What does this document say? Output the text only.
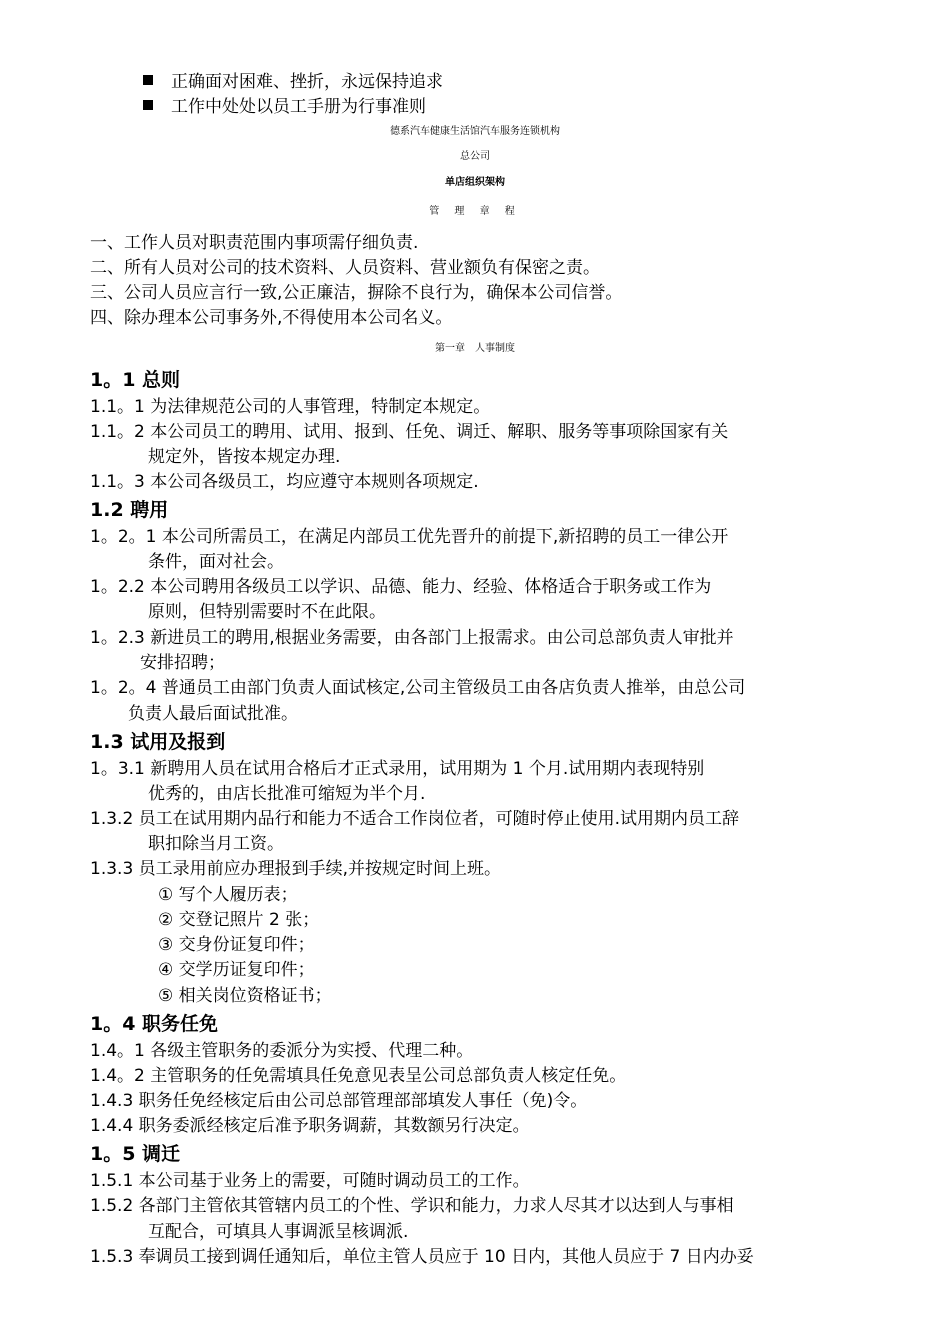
正确面对困难、挫折，永远保持追求
工作中处处以员工手册为行事准则
德系汽车健康生活馆汽车服务连锁机构
总公司
单店组织架构
管 理 章 程
一、工作人员对职责范围内事项需仔细负责.
二、所有人员对公司的技术资料、人员资料、营业额负有保密之责。
三、公司人员应言行一致,公正廉洁，摒除不良行为，确保本公司信誉。
四、除办理本公司事务外,不得使用本公司名义。
第一章　人事制度
1。1 总则
1.1。1 为法律规范公司的人事管理，特制定本规定。
1.1。2 本公司员工的聘用、试用、报到、任免、调迁、解职、服务等事项除国家有关
规定外，皆按本规定办理.
1.1。3 本公司各级员工，均应遵守本规则各项规定.
1.2 聘用
1。2。1 本公司所需员工，在满足内部员工优先晋升的前提下,新招聘的员工一律公开
条件，面对社会。
1。2.2 本公司聘用各级员工以学识、品德、能力、经验、体格适合于职务或工作为
原则，但特别需要时不在此限。
1。2.3 新进员工的聘用,根据业务需要，由各部门上报需求。由公司总部负责人审批并
安排招聘；
1。2。4 普通员工由部门负责人面试核定,公司主管级员工由各店负责人推举，由总公司
负责人最后面试批准。
1.3 试用及报到
1。3.1 新聘用人员在试用合格后才正式录用，试用期为 1 个月.试用期内表现特别
优秀的，由店长批准可缩短为半个月.
1.3.2 员工在试用期内品行和能力不适合工作岗位者，可随时停止使用.试用期内员工辞
职扣除当月工资。
1.3.3 员工录用前应办理报到手续,并按规定时间上班。
① 写个人履历表；
② 交登记照片 2 张；
③ 交身份证复印件；
④ 交学历证复印件；
⑤ 相关岗位资格证书；
1。4 职务任免
1.4。1 各级主管职务的委派分为实授、代理二种。
1.4。2 主管职务的任免需填具任免意见表呈公司总部负责人核定任免。
1.4.3 职务任免经核定后由公司总部管理部部填发人事任（免)令。
1.4.4 职务委派经核定后准予职务调薪，其数额另行决定。
1。5 调迁
1.5.1 本公司基于业务上的需要，可随时调动员工的工作。
1.5.2 各部门主管依其管辖内员工的个性、学识和能力，力求人尽其才以达到人与事相
互配合，可填具人事调派呈核调派.
1.5.3 奉调员工接到调任通知后，单位主管人员应于 10 日内，其他人员应于 7 日内办妥
